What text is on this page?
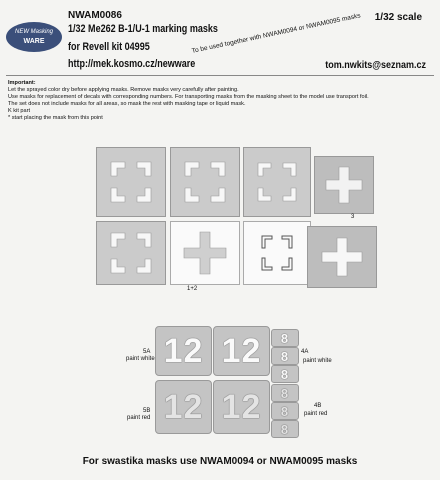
NEW Masking
WARE
NWAM0086
1/32 Me262 B-1/U-1 marking masks
for Revell kit 04995
http://mek.kosmo.cz/newware
1/32 scale
tom.nwkits@seznam.cz
To be used together with NWAM0094 or NWAM0095 masks
Important:
Let the sprayed color dry before applying masks. Remove masks very carefully after painting.
Use masks for replacement of decals with corresponding numbers. For transporting masks from the masking sheet to the model use transport foil.
The set does not include masks for all areas, so mask the rest with masking tape or liquid mask.
K kit part
* start placing the mask from this point
3
1+2
12 12
12 12
8
8
8
8
8
8
5A
paint white
5B
paint red
4A
paint white
4B
paint red
For swastika masks use NWAM0094 or NWAM0095 masks
